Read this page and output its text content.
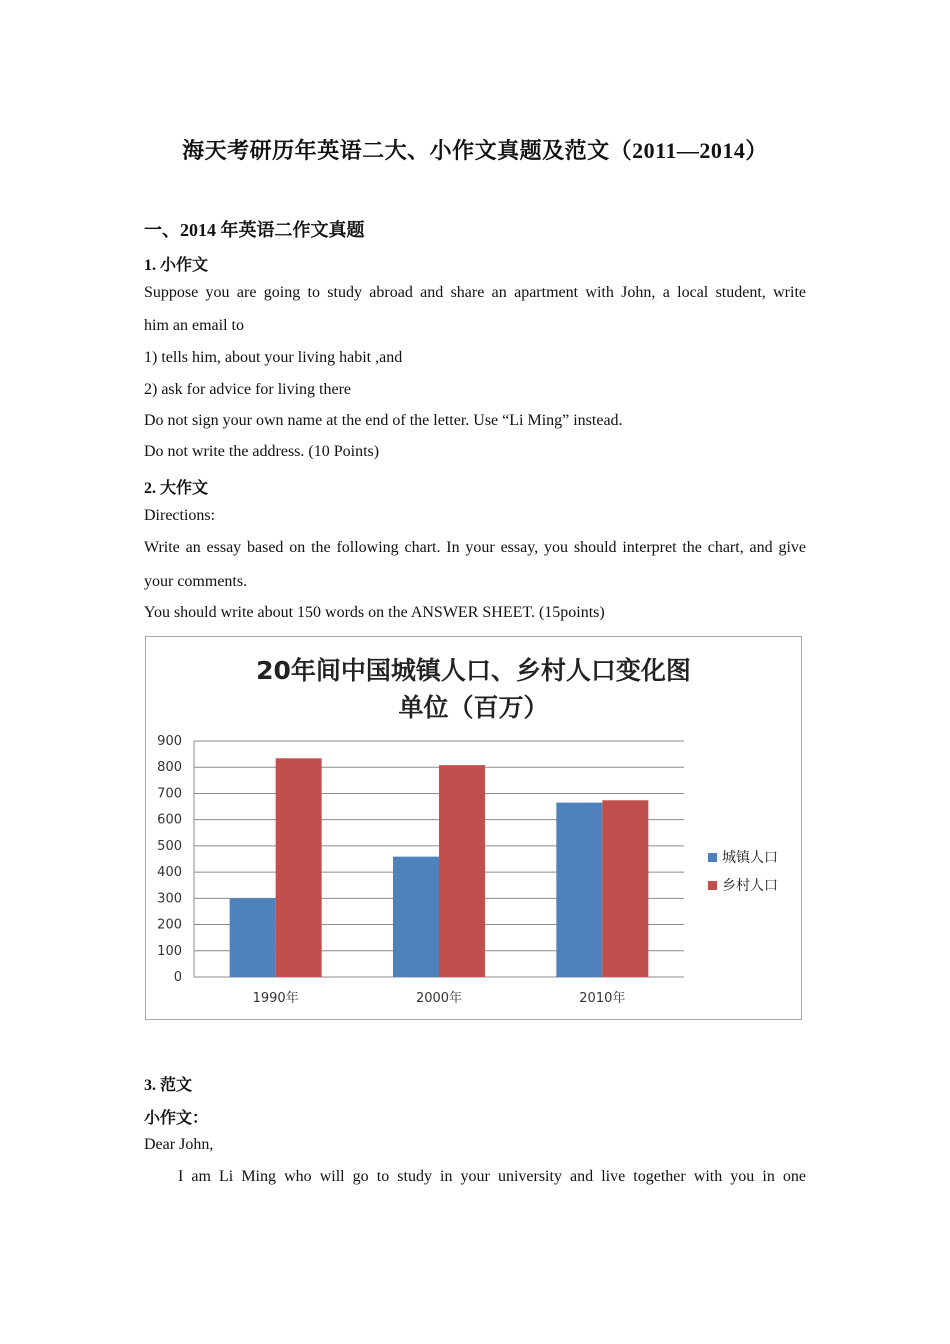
海天考研历年英语二大、小作文真题及范文（2011—2014）
一、2014 年英语二作文真题
1. 小作文
Suppose you are going to study abroad and share an apartment with John, a local student, write
him an email to
1) tells him, about your living habit ,and
2) ask for advice for living there
Do not sign your own name at the end of the letter. Use “Li Ming” instead.
Do not write the address. (10 Points)
2. 大作文
Directions:
Write an essay based on the following chart. In your essay, you should interpret the chart, and give
your comments.
You should write about 150 words on the ANSWER SHEET. (15points)
20年间中国城镇人口、乡村人口变化图
单位（百万）
0
100
200
300
400
500
600
700
800
900
1990年	2000年	2010年
城镇人口
乡村人口
3. 范文
小作文：
Dear John,
I am Li Ming who will go to study in your university and live together with you in one
